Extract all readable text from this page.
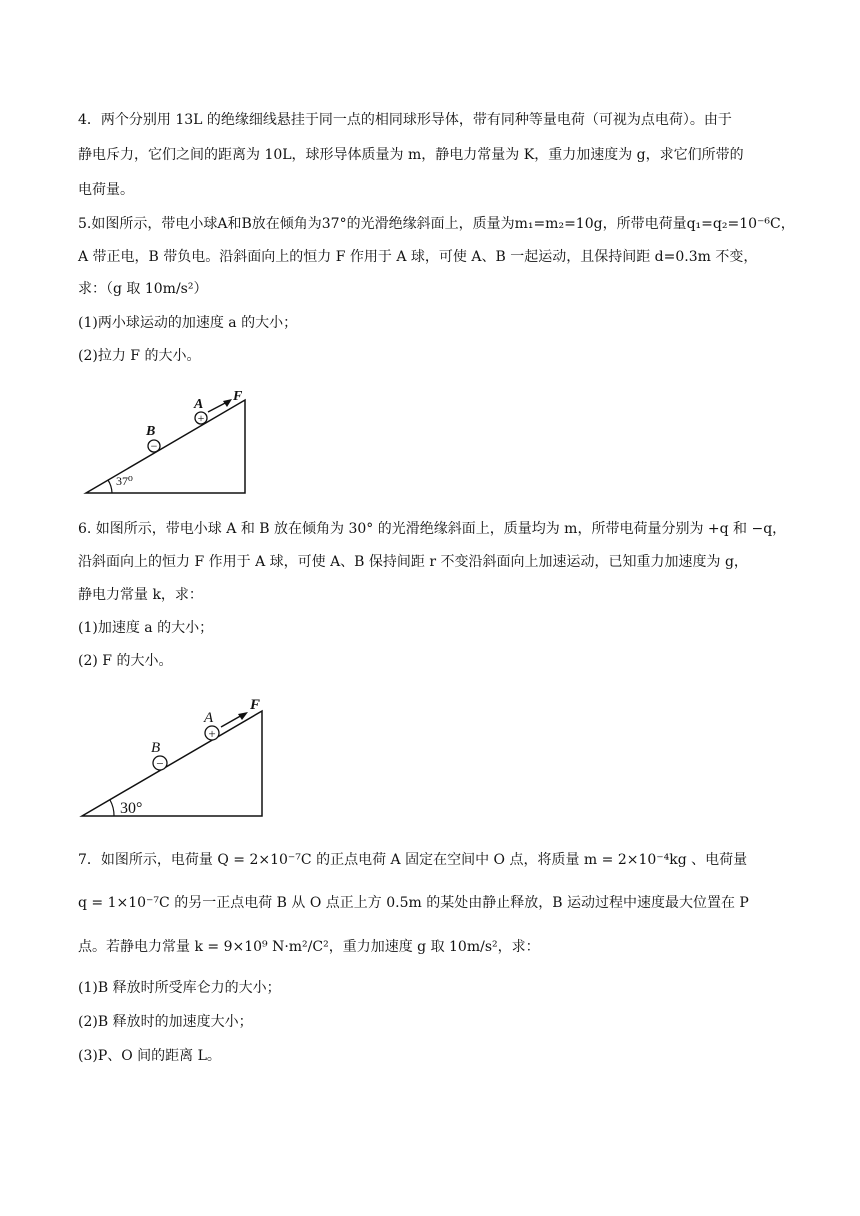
4．两个分别用 13L 的绝缘细线悬挂于同一点的相同球形导体，带有同种等量电荷（可视为点电荷）。由于
静电斥力，它们之间的距离为 10L，球形导体质量为 m，静电力常量为 K，重力加速度为 g，求它们所带的
电荷量。
5.如图所示，带电小球A和B放在倾角为37°的光滑绝缘斜面上，质量为m₁=m₂=10g，所带电荷量q₁=q₂=10⁻⁶C，
A 带正电，B 带负电。沿斜面向上的恒力 F 作用于 A 球，可使 A、B 一起运动，且保持间距 d=0.3m 不变，
求：（g 取 10m/s²）
(1)两小球运动的加速度 a 的大小；
(2)拉力 F 的大小。
37⁰
−
B
+
A
F
6. 如图所示，带电小球 A 和 B 放在倾角为 30° 的光滑绝缘斜面上，质量均为 m，所带电荷量分别为 +q 和 −q，
沿斜面向上的恒力 F 作用于 A 球，可使 A、B 保持间距 r 不变沿斜面向上加速运动，已知重力加速度为 g，
静电力常量 k，求：
(1)加速度 a 的大小；
(2) F 的大小。
30°
−
B
+
A
F
7．如图所示，电荷量 Q = 2×10⁻⁷C 的正点电荷 A 固定在空间中 O 点，将质量 m = 2×10⁻⁴kg 、电荷量
q = 1×10⁻⁷C 的另一正点电荷 B 从 O 点正上方 0.5m 的某处由静止释放，B 运动过程中速度最大位置在 P
点。若静电力常量 k = 9×10⁹ N·m²/C²，重力加速度 g 取 10m/s²，求：
(1)B 释放时所受库仑力的大小；
(2)B 释放时的加速度大小；
(3)P、O 间的距离 L。
